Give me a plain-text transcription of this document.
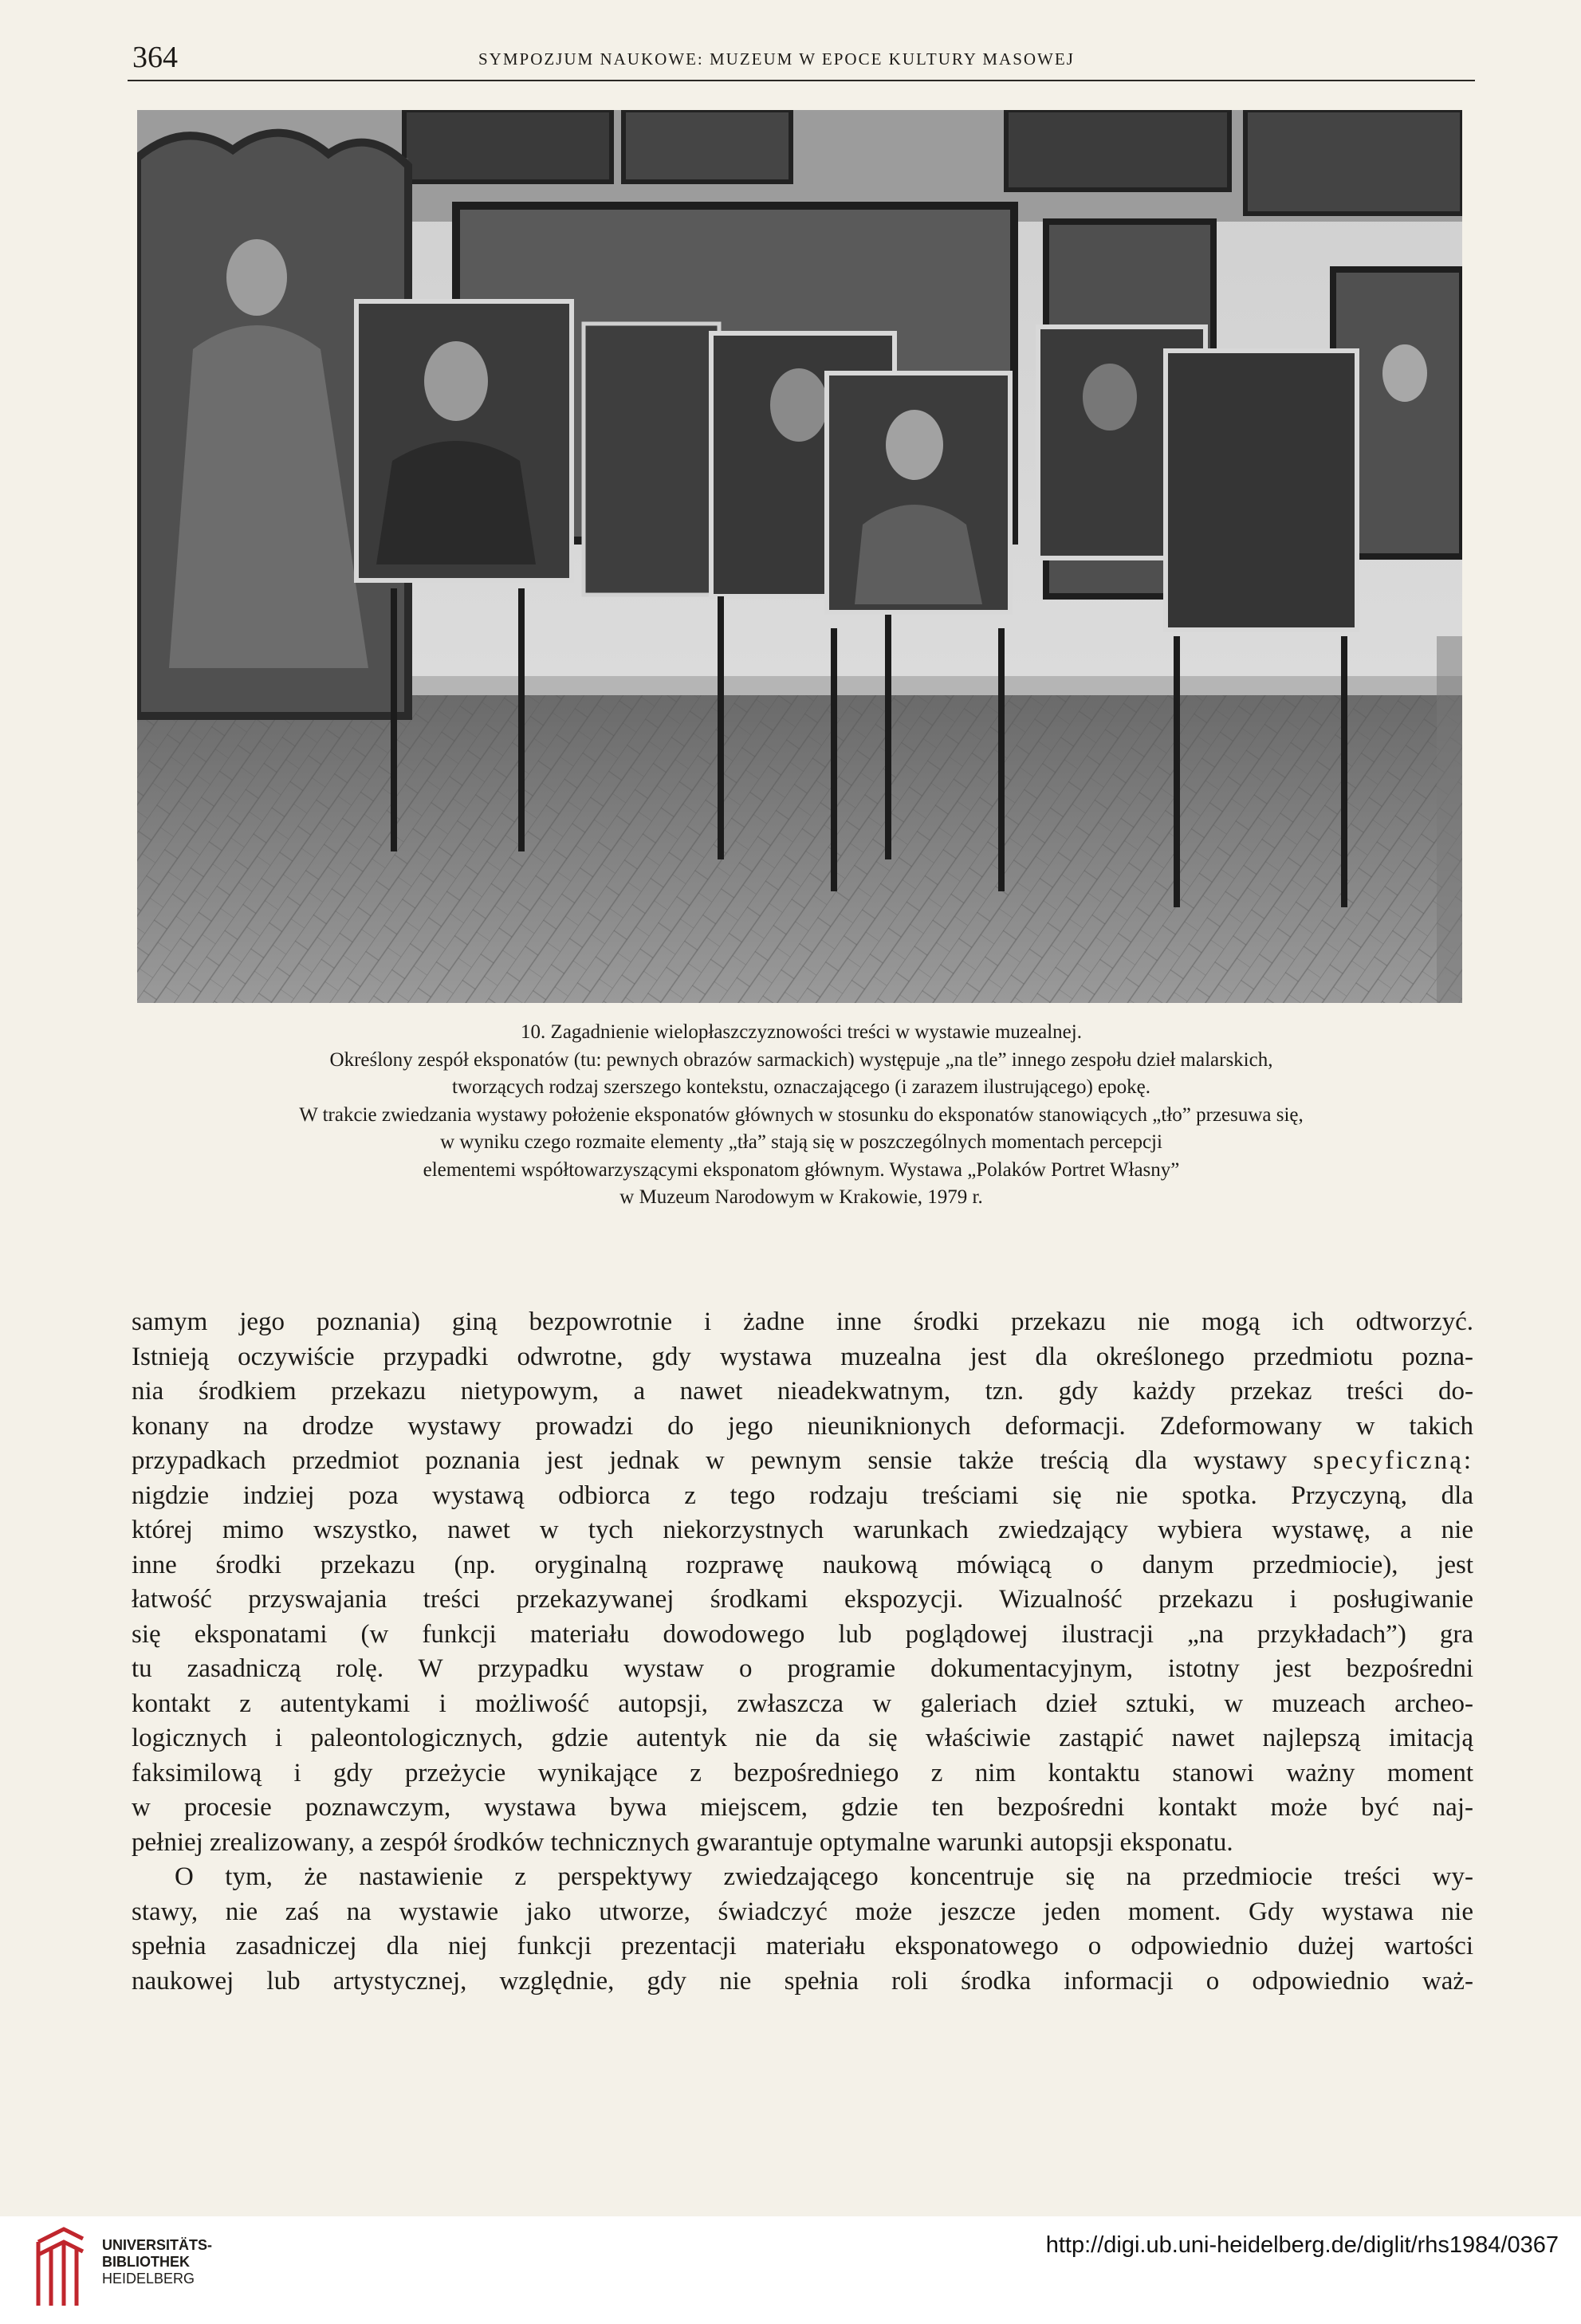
364	SYMPOZJUM NAUKOWE: MUZEUM W EPOCE KULTURY MASOWEJ
10. Zagadnienie wielopłaszczyznowości treści w wystawie muzealnej.
Określony zespół eksponatów (tu: pewnych obrazów sarmackich) występuje „na tle” innego zespołu dzieł malarskich,
tworzących rodzaj szerszego kontekstu, oznaczającego (i zarazem ilustrującego) epokę.
W trakcie zwiedzania wystawy położenie eksponatów głównych w stosunku do eksponatów stanowiących „tło” przesuwa się,
w wyniku czego rozmaite elementy „tła” stają się w poszczególnych momentach percepcji
elementemi współtowarzyszącymi eksponatom głównym. Wystawa „Polaków Portret Własny”
w Muzeum Narodowym w Krakowie, 1979 r.
samym jego poznania) giną bezpowrotnie i żadne inne środki przekazu nie mogą ich odtworzyć.
Istnieją oczywiście przypadki odwrotne, gdy wystawa muzealna jest dla określonego przedmiotu pozna-
nia środkiem przekazu nietypowym, a nawet nieadekwatnym, tzn. gdy każdy przekaz treści do-
konany na drodze wystawy prowadzi do jego nieuniknionych deformacji. Zdeformowany w takich
przypadkach przedmiot poznania jest jednak w pewnym sensie także treścią dla wystawy specyficzną:
nigdzie indziej poza wystawą odbiorca z tego rodzaju treściami się nie spotka. Przyczyną, dla
której mimo wszystko, nawet w tych niekorzystnych warunkach zwiedzający wybiera wystawę, a nie
inne środki przekazu (np. oryginalną rozprawę naukową mówiącą o danym przedmiocie), jest
łatwość przyswajania treści przekazywanej środkami ekspozycji. Wizualność przekazu i posługiwanie
się eksponatami (w funkcji materiału dowodowego lub poglądowej ilustracji „na przykładach”) gra
tu zasadniczą rolę. W przypadku wystaw o programie dokumentacyjnym, istotny jest bezpośredni
kontakt z autentykami i możliwość autopsji, zwłaszcza w galeriach dzieł sztuki, w muzeach archeo-
logicznych i paleontologicznych, gdzie autentyk nie da się właściwie zastąpić nawet najlepszą imitacją
faksimilową i gdy przeżycie wynikające z bezpośredniego z nim kontaktu stanowi ważny moment
w procesie poznawczym, wystawa bywa miejscem, gdzie ten bezpośredni kontakt może być naj-
pełniej zrealizowany, a zespół środków technicznych gwarantuje optymalne warunki autopsji eksponatu.
O tym, że nastawienie z perspektywy zwiedzającego koncentruje się na przedmiocie treści wy-
stawy, nie zaś na wystawie jako utworze, świadczyć może jeszcze jeden moment. Gdy wystawa nie
spełnia zasadniczej dla niej funkcji prezentacji materiału eksponatowego o odpowiednio dużej wartości
naukowej lub artystycznej, względnie, gdy nie spełnia roli środka informacji o odpowiednio waż-
UNIVERSITÄTS-
BIBLIOTHEK
HEIDELBERG
http://digi.ub.uni-heidelberg.de/diglit/rhs1984/0367
